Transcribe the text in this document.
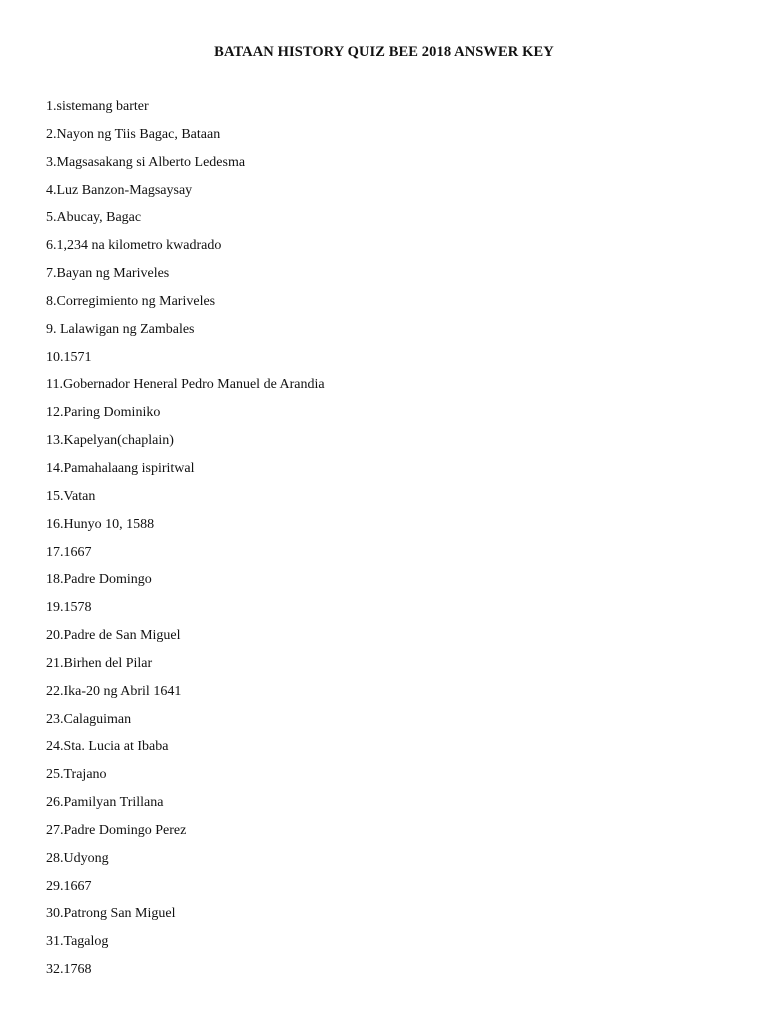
BATAAN HISTORY QUIZ BEE 2018 ANSWER KEY
1.sistemang barter
2.Nayon ng Tiis Bagac, Bataan
3.Magsasakang si Alberto Ledesma
4.Luz Banzon-Magsaysay
5.Abucay, Bagac
6.1,234 na kilometro kwadrado
7.Bayan ng Mariveles
8.Corregimiento ng Mariveles
9. Lalawigan ng Zambales
10.1571
11.Gobernador Heneral Pedro Manuel de Arandia
12.Paring Dominiko
13.Kapelyan(chaplain)
14.Pamahalaang ispiritwal
15.Vatan
16.Hunyo 10, 1588
17.1667
18.Padre Domingo
19.1578
20.Padre de San Miguel
21.Birhen del Pilar
22.Ika-20 ng Abril 1641
23.Calaguiman
24.Sta. Lucia at Ibaba
25.Trajano
26.Pamilyan Trillana
27.Padre Domingo Perez
28.Udyong
29.1667
30.Patrong San Miguel
31.Tagalog
32.1768
